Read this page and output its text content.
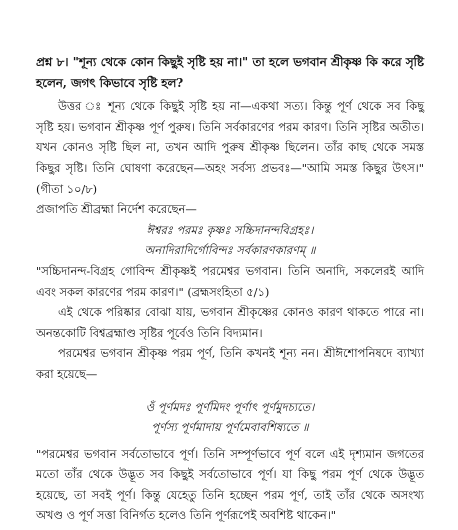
প্রশ্ন ৮। "শূন্য থেকে কোন কিছুই সৃষ্টি হয় না।" তা হলে ভগবান শ্রীকৃষ্ণ কি করে সৃষ্টি হলেন, জগৎ কিভাবে সৃষ্টি হল?

উত্তর ঃ শূন্য থেকে কিছুই সৃষ্টি হয় না—একথা সত্য। কিন্তু পূর্ণ থেকে সব কিছু সৃষ্টি হয়। ভগবান শ্রীকৃষ্ণ পূর্ণ পুরুষ। তিনি সর্বকারণের পরম কারণ। তিনি সৃষ্টির অতীত। যখন কোনও সৃষ্টি ছিল না, তখন আদি পুরুষ শ্রীকৃষ্ণ ছিলেন। তাঁর কাছ থেকে সমস্ত কিছুর সৃষ্টি। তিনি ঘোষণা করেছেন—অহং সর্বস্য প্রভবঃ—"আমি সমস্ত কিছুর উৎস।" (গীতা ১০/৮)

প্রজাপতি শ্রীব্রহ্মা নির্দেশ করেছেন—

ঈশ্বরঃ পরমঃ কৃষ্ণঃ সচ্চিদানন্দবিগ্রহঃ।

অনাদিরাদির্গোবিন্দঃ সর্বকারণকারণম্ ॥

"সচ্চিদানন্দ-বিগ্রহ গোবিন্দ শ্রীকৃষ্ণই পরমেশ্বর ভগবান। তিনি অনাদি, সকলেরই আদি এবং সকল কারণের পরম কারণ।" (ব্রহ্মসংহিতা ৫/১)

এই থেকে পরিষ্কার বোঝা যায়, ভগবান শ্রীকৃষ্ণের কোনও কারণ থাকতে পারে না। অনন্তকোটি বিশ্বব্রহ্মাণ্ড সৃষ্টির পূর্বেও তিনি বিদ্যমান।

পরমেশ্বর ভগবান শ্রীকৃষ্ণ পরম পূর্ণ, তিনি কখনই শূন্য নন। শ্রীঈশোপনিষদে ব্যাখ্যা করা হয়েছে—

ওঁ পূর্ণমদঃ পূর্ণমিদং পূর্ণাৎ পূর্ণমুদচ্যতে।

পূর্ণস্য পূর্ণমাদায় পূর্ণমেবাবশিষ্যতে ॥

"পরমেশ্বর ভগবান সর্বতোভাবে পূর্ণ। তিনি সম্পূর্ণভাবে পূর্ণ বলে এই দৃশ্যমান জগতের মতো তাঁর থেকে উদ্ভূত সব কিছুই সর্বতোভাবে পূর্ণ। যা কিছু পরম পূর্ণ থেকে উদ্ভূত হয়েছে, তা সবই পূর্ণ। কিন্তু যেহেতু তিনি হচ্ছেন পরম পূর্ণ, তাই তাঁর থেকে অসংখ্য অখণ্ড ও পূর্ণ সত্তা বিনির্গত হলেও তিনি পূর্ণরূপেই অবশিষ্ট থাকেন।"
